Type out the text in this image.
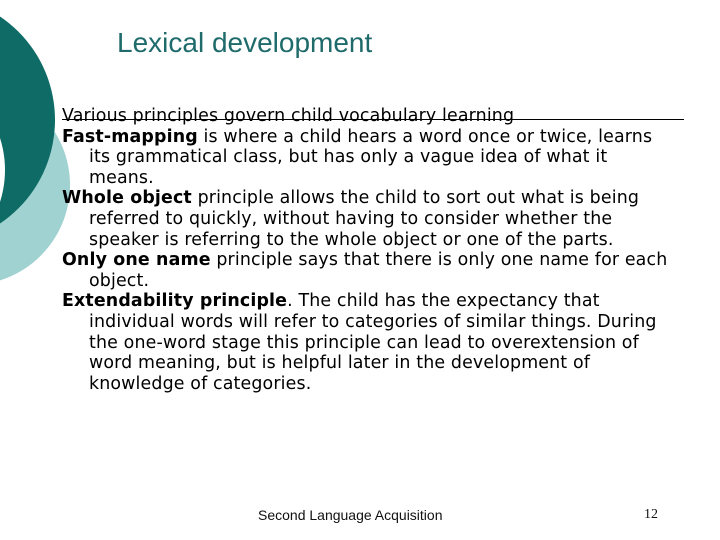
Lexical development

Various principles govern child vocabulary learning

Fast-mapping is where a child hears a word once or twice, learns its grammatical class, but has only a vague idea of what it means.

Whole object principle allows the child to sort out what is being referred to quickly, without having to consider whether the speaker is referring to the whole object or one of the parts.

Only one name principle says that there is only one name for each object.

Extendability principle. The child has the expectancy that individual words will refer to categories of similar things. During the one-word stage this principle can lead to overextension of word meaning, but is helpful later in the development of knowledge of categories.

Second Language Acquisition	12
